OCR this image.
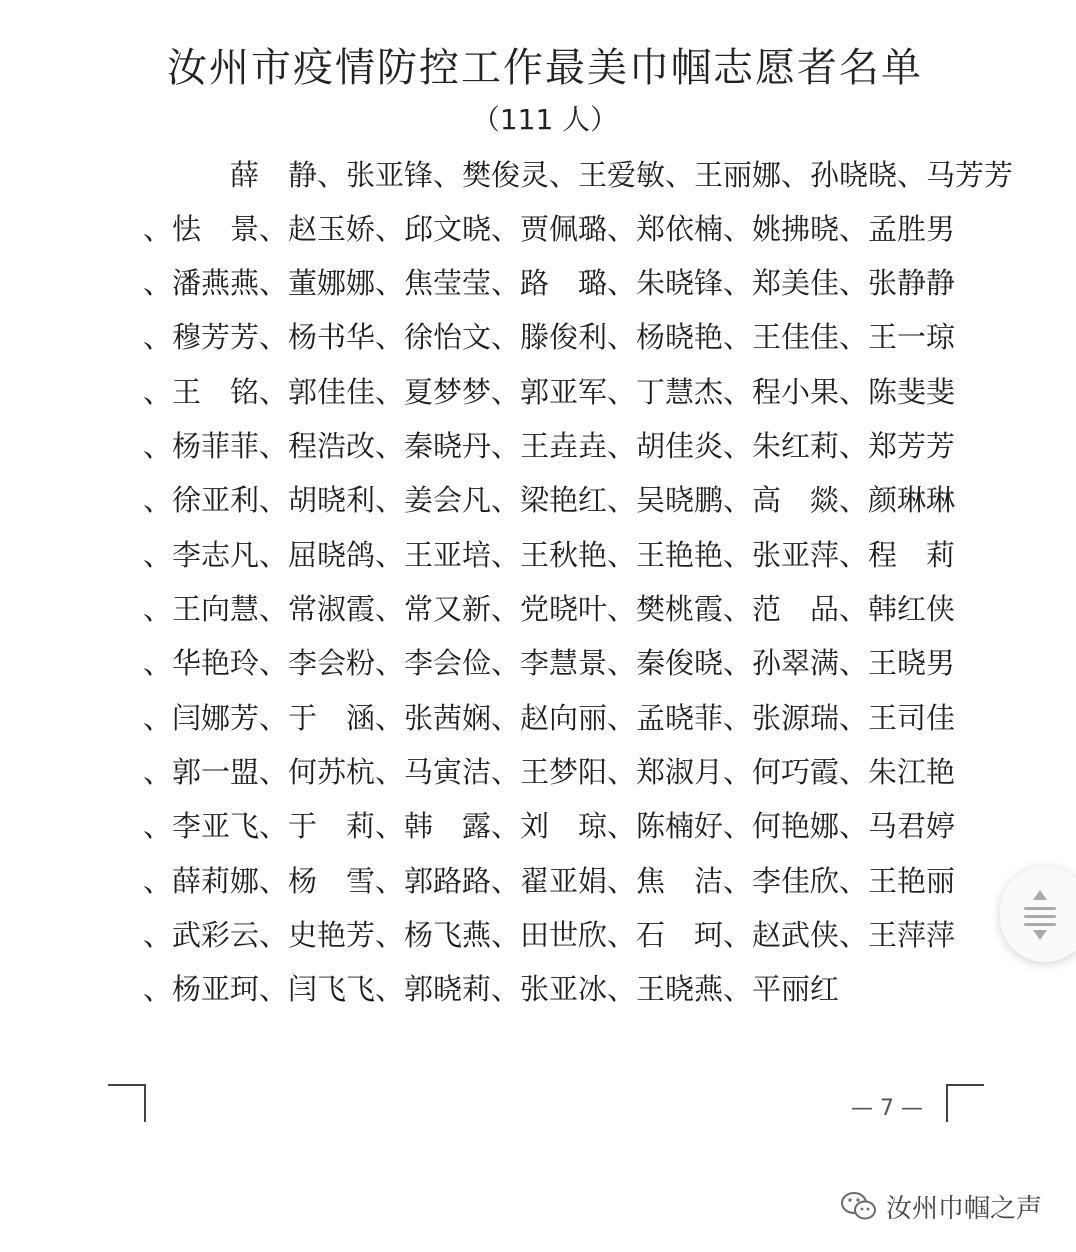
汝州市疫情防控工作最美巾帼志愿者名单
（111 人）
薛　静、张亚锋、樊俊灵、王爱敏、王丽娜、孙晓晓、马芳芳
、怯　景、赵玉娇、邱文晓、贾佩璐、郑依楠、姚拂晓、孟胜男
、潘燕燕、董娜娜、焦莹莹、路　璐、朱晓锋、郑美佳、张静静
、穆芳芳、杨书华、徐怡文、滕俊利、杨晓艳、王佳佳、王一琼
、王　铭、郭佳佳、夏梦梦、郭亚军、丁慧杰、程小果、陈斐斐
、杨菲菲、程浩改、秦晓丹、王垚垚、胡佳炎、朱红莉、郑芳芳
、徐亚利、胡晓利、姜会凡、梁艳红、吴晓鹏、高　燚、颜琳琳
、李志凡、屈晓鸽、王亚培、王秋艳、王艳艳、张亚萍、程　莉
、王向慧、常淑霞、常又新、党晓叶、樊桃霞、范　品、韩红侠
、华艳玲、李会粉、李会俭、李慧景、秦俊晓、孙翠满、王晓男
、闫娜芳、于　涵、张茜娴、赵向丽、孟晓菲、张源瑞、王司佳
、郭一盟、何苏杭、马寅洁、王梦阳、郑淑月、何巧霞、朱江艳
、李亚飞、于　莉、韩　露、刘　琼、陈楠好、何艳娜、马君婷
、薛莉娜、杨　雪、郭路路、翟亚娟、焦　洁、李佳欣、王艳丽
、武彩云、史艳芳、杨飞燕、田世欣、石　珂、赵武侠、王萍萍
、杨亚珂、闫飞飞、郭晓莉、张亚冰、王晓燕、平丽红
— 7 —
汝州巾帼之声
